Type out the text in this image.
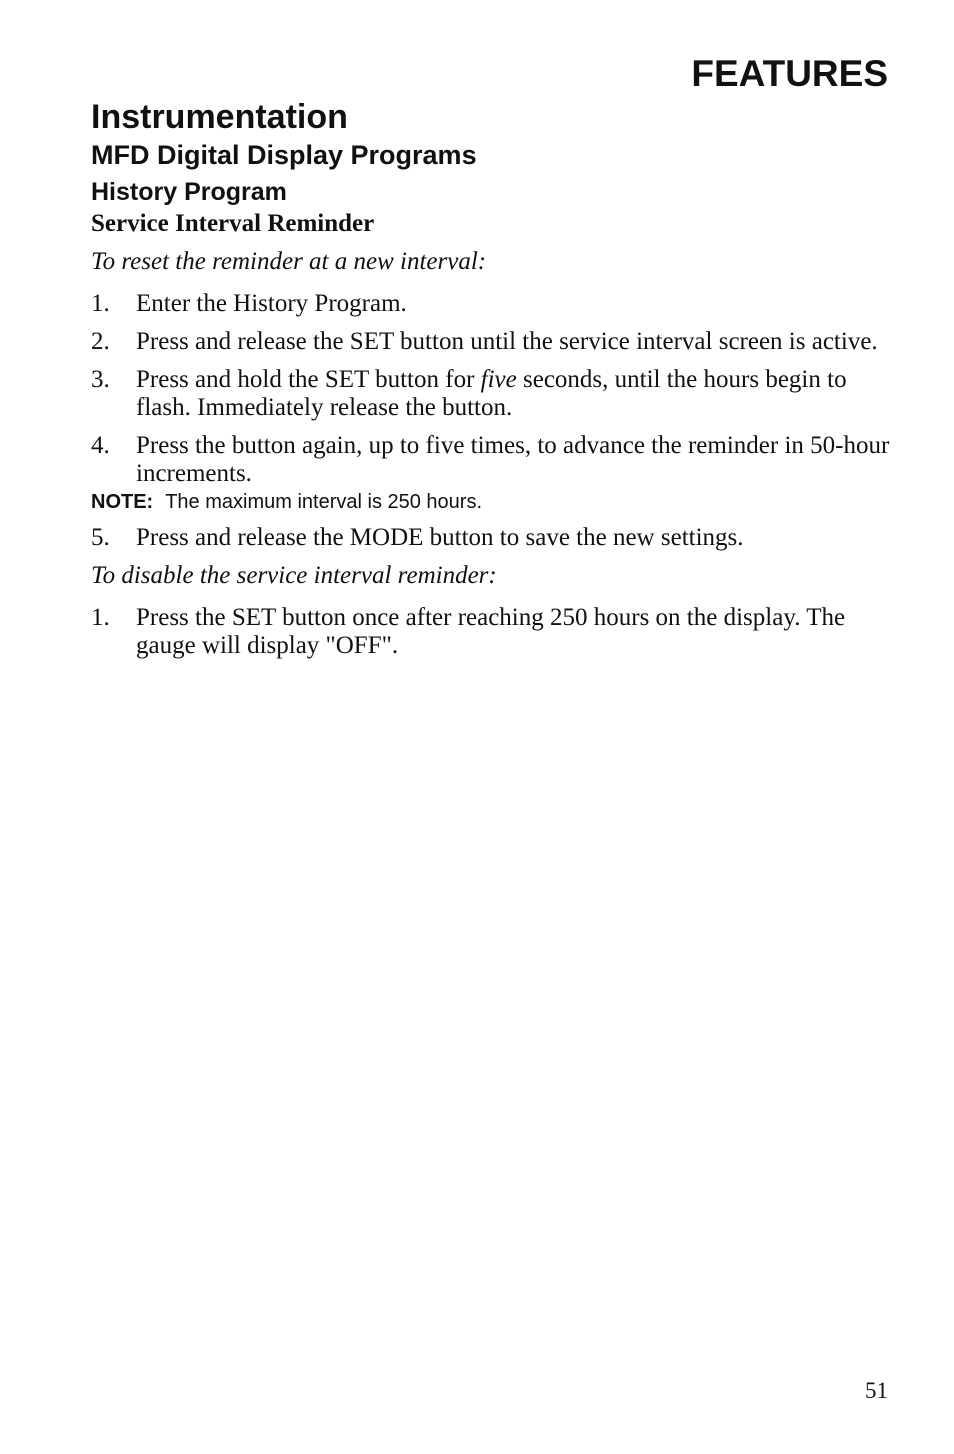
FEATURES
Instrumentation
MFD Digital Display Programs
History Program
Service Interval Reminder

To reset the reminder at a new interval:

1.	Enter the History Program.
2.	Press and release the SET button until the service interval screen is active.
3.	Press and hold the SET button for five seconds, until the hours begin to flash. Immediately release the button.
4.	Press the button again, up to five times, to advance the reminder in 50-hour increments.
NOTE: The maximum interval is 250 hours.
5.	Press and release the MODE button to save the new settings.

To disable the service interval reminder:

1.	Press the SET button once after reaching 250 hours on the display. The gauge will display "OFF".
51
